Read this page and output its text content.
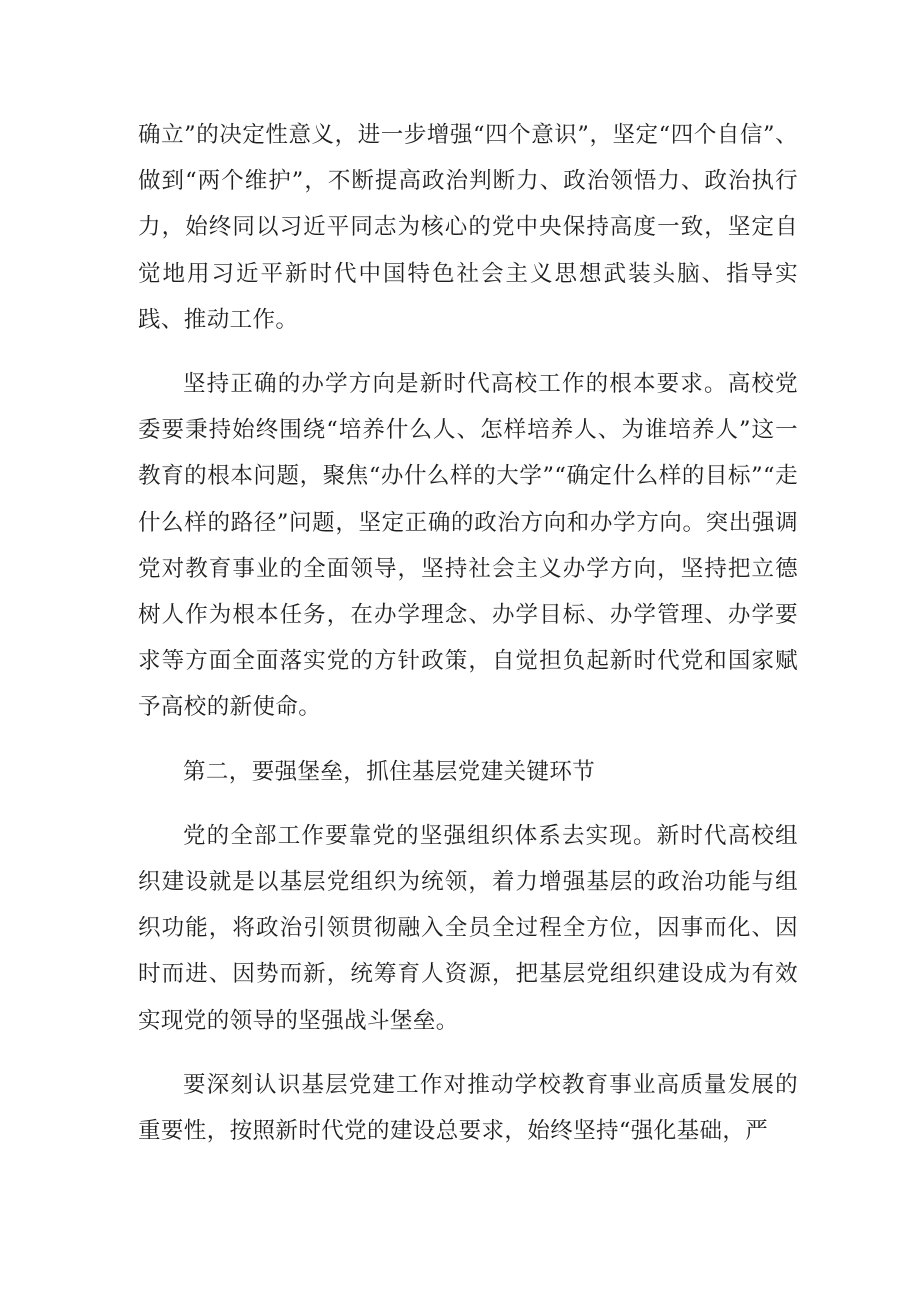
确立”的决定性意义，进一步增强“四个意识”，坚定“四个自信”、做到“两个维护”，不断提高政治判断力、政治领悟力、政治执行力，始终同以习近平同志为核心的党中央保持高度一致，坚定自觉地用习近平新时代中国特色社会主义思想武装头脑、指导实践、推动工作。

坚持正确的办学方向是新时代高校工作的根本要求。高校党委要秉持始终围绕“培养什么人、怎样培养人、为谁培养人”这一教育的根本问题，聚焦“办什么样的大学”“确定什么样的目标”“走什么样的路径”问题，坚定正确的政治方向和办学方向。突出强调党对教育事业的全面领导，坚持社会主义办学方向，坚持把立德树人作为根本任务，在办学理念、办学目标、办学管理、办学要求等方面全面落实党的方针政策，自觉担负起新时代党和国家赋予高校的新使命。

第二，要强堡垒，抓住基层党建关键环节

党的全部工作要靠党的坚强组织体系去实现。新时代高校组织建设就是以基层党组织为统领，着力增强基层的政治功能与组织功能，将政治引领贯彻融入全员全过程全方位，因事而化、因时而进、因势而新，统筹育人资源，把基层党组织建设成为有效实现党的领导的坚强战斗堡垒。

要深刻认识基层党建工作对推动学校教育事业高质量发展的重要性，按照新时代党的建设总要求，始终坚持“强化基础，严
